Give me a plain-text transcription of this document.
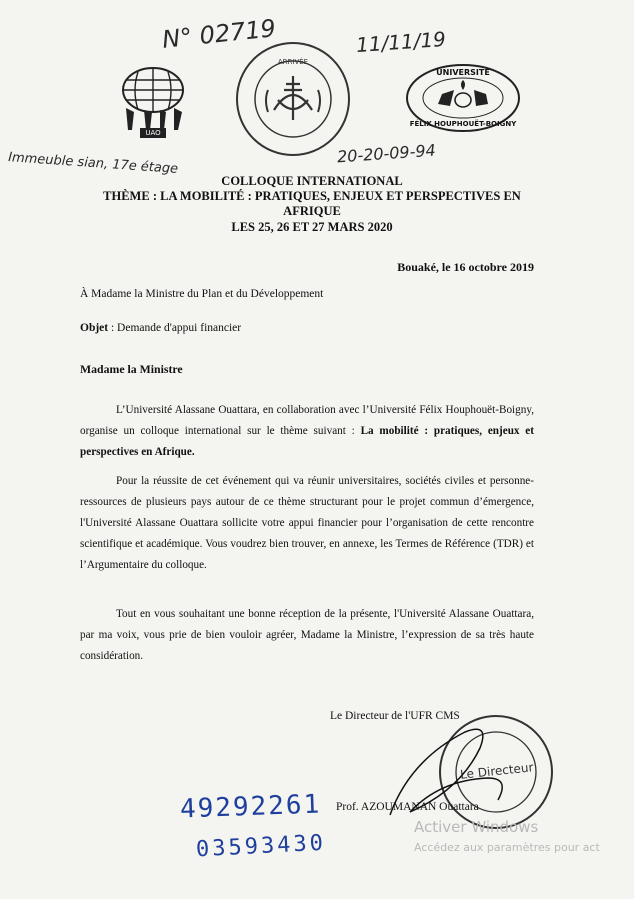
N° 02719	11/11/19
Immeuble sian, 17e étage	20-20-09-94
UAO
ARRIVÉE
UNIVERSITÉ
FÉLIX HOUPHOUËT-BOIGNY
COLLOQUE INTERNATIONAL
THÈME : LA MOBILITÉ : PRATIQUES, ENJEUX ET PERSPECTIVES EN
AFRIQUE
LES 25, 26 ET 27 MARS 2020
Bouaké, le 16 octobre 2019
À Madame la Ministre du Plan et du Développement
Objet : Demande d'appui financier
Madame la Ministre
L’Université Alassane Ouattara, en collaboration avec l’Université Félix Houphouët-Boigny, organise un colloque international sur le thème suivant : La mobilité : pratiques, enjeux et perspectives en Afrique.
Pour la réussite de cet événement qui va réunir universitaires, sociétés civiles et personne-ressources de plusieurs pays autour de ce thème structurant pour le projet commun d’émergence, l'Université Alassane Ouattara sollicite votre appui financier pour l’organisation de cette rencontre scientifique et académique. Vous voudrez bien trouver, en annexe, les Termes de Référence (TDR) et l’Argumentaire du colloque.
Tout en vous souhaitant une bonne réception de la présente, l'Université Alassane Ouattara, par ma voix, vous prie de bien vouloir agréer, Madame la Ministre, l’expression de sa très haute considération.
Le Directeur de l'UFR CMS
Le Directeur
Prof. AZOUMANAN Ouattara
49292261
03593430
Activer Windows
Accédez aux paramètres pour act
